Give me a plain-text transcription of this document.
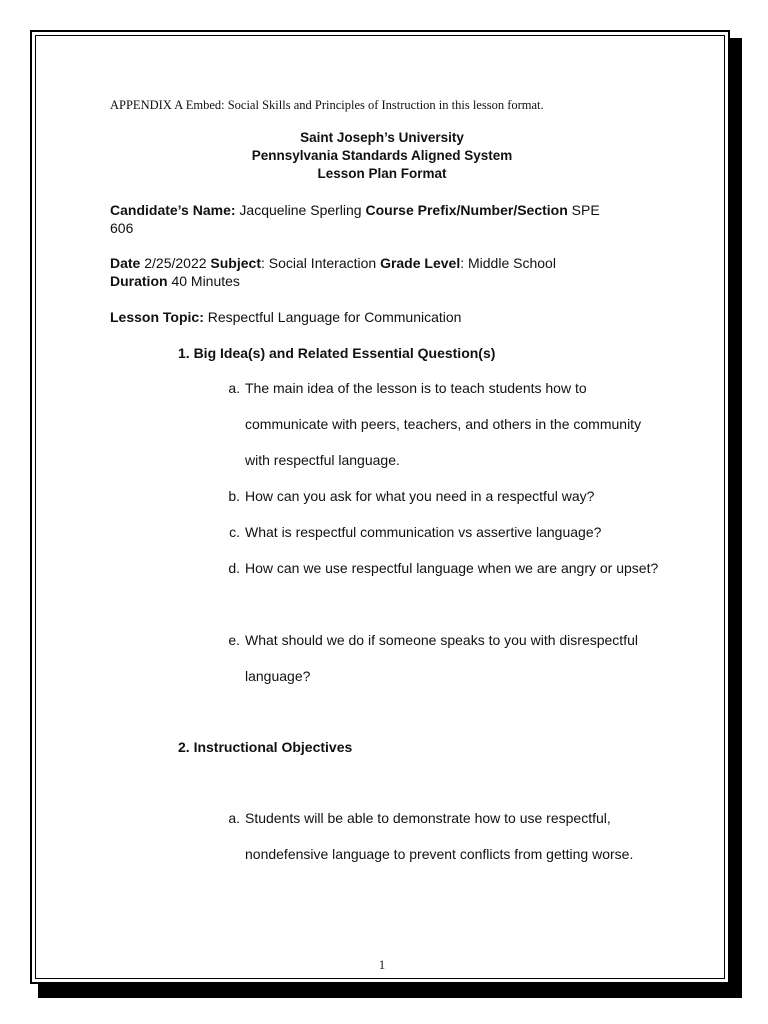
APPENDIX A Embed: Social Skills and Principles of Instruction in this lesson format.
Saint Joseph’s University
Pennsylvania Standards Aligned System
Lesson Plan Format
Candidate’s Name: Jacqueline Sperling Course Prefix/Number/Section SPE
606
Date 2/25/2022 Subject: Social Interaction Grade Level: Middle School
Duration 40 Minutes
Lesson Topic: Respectful Language for Communication
1. Big Idea(s) and Related Essential Question(s)
a. The main idea of the lesson is to teach students how to communicate with peers, teachers, and others in the community with respectful language.
b. How can you ask for what you need in a respectful way?
c. What is respectful communication vs assertive language?
d. How can we use respectful language when we are angry or upset?
e. What should we do if someone speaks to you with disrespectful language?
2. Instructional Objectives
a. Students will be able to demonstrate how to use respectful, nondefensive language to prevent conflicts from getting worse.
1
